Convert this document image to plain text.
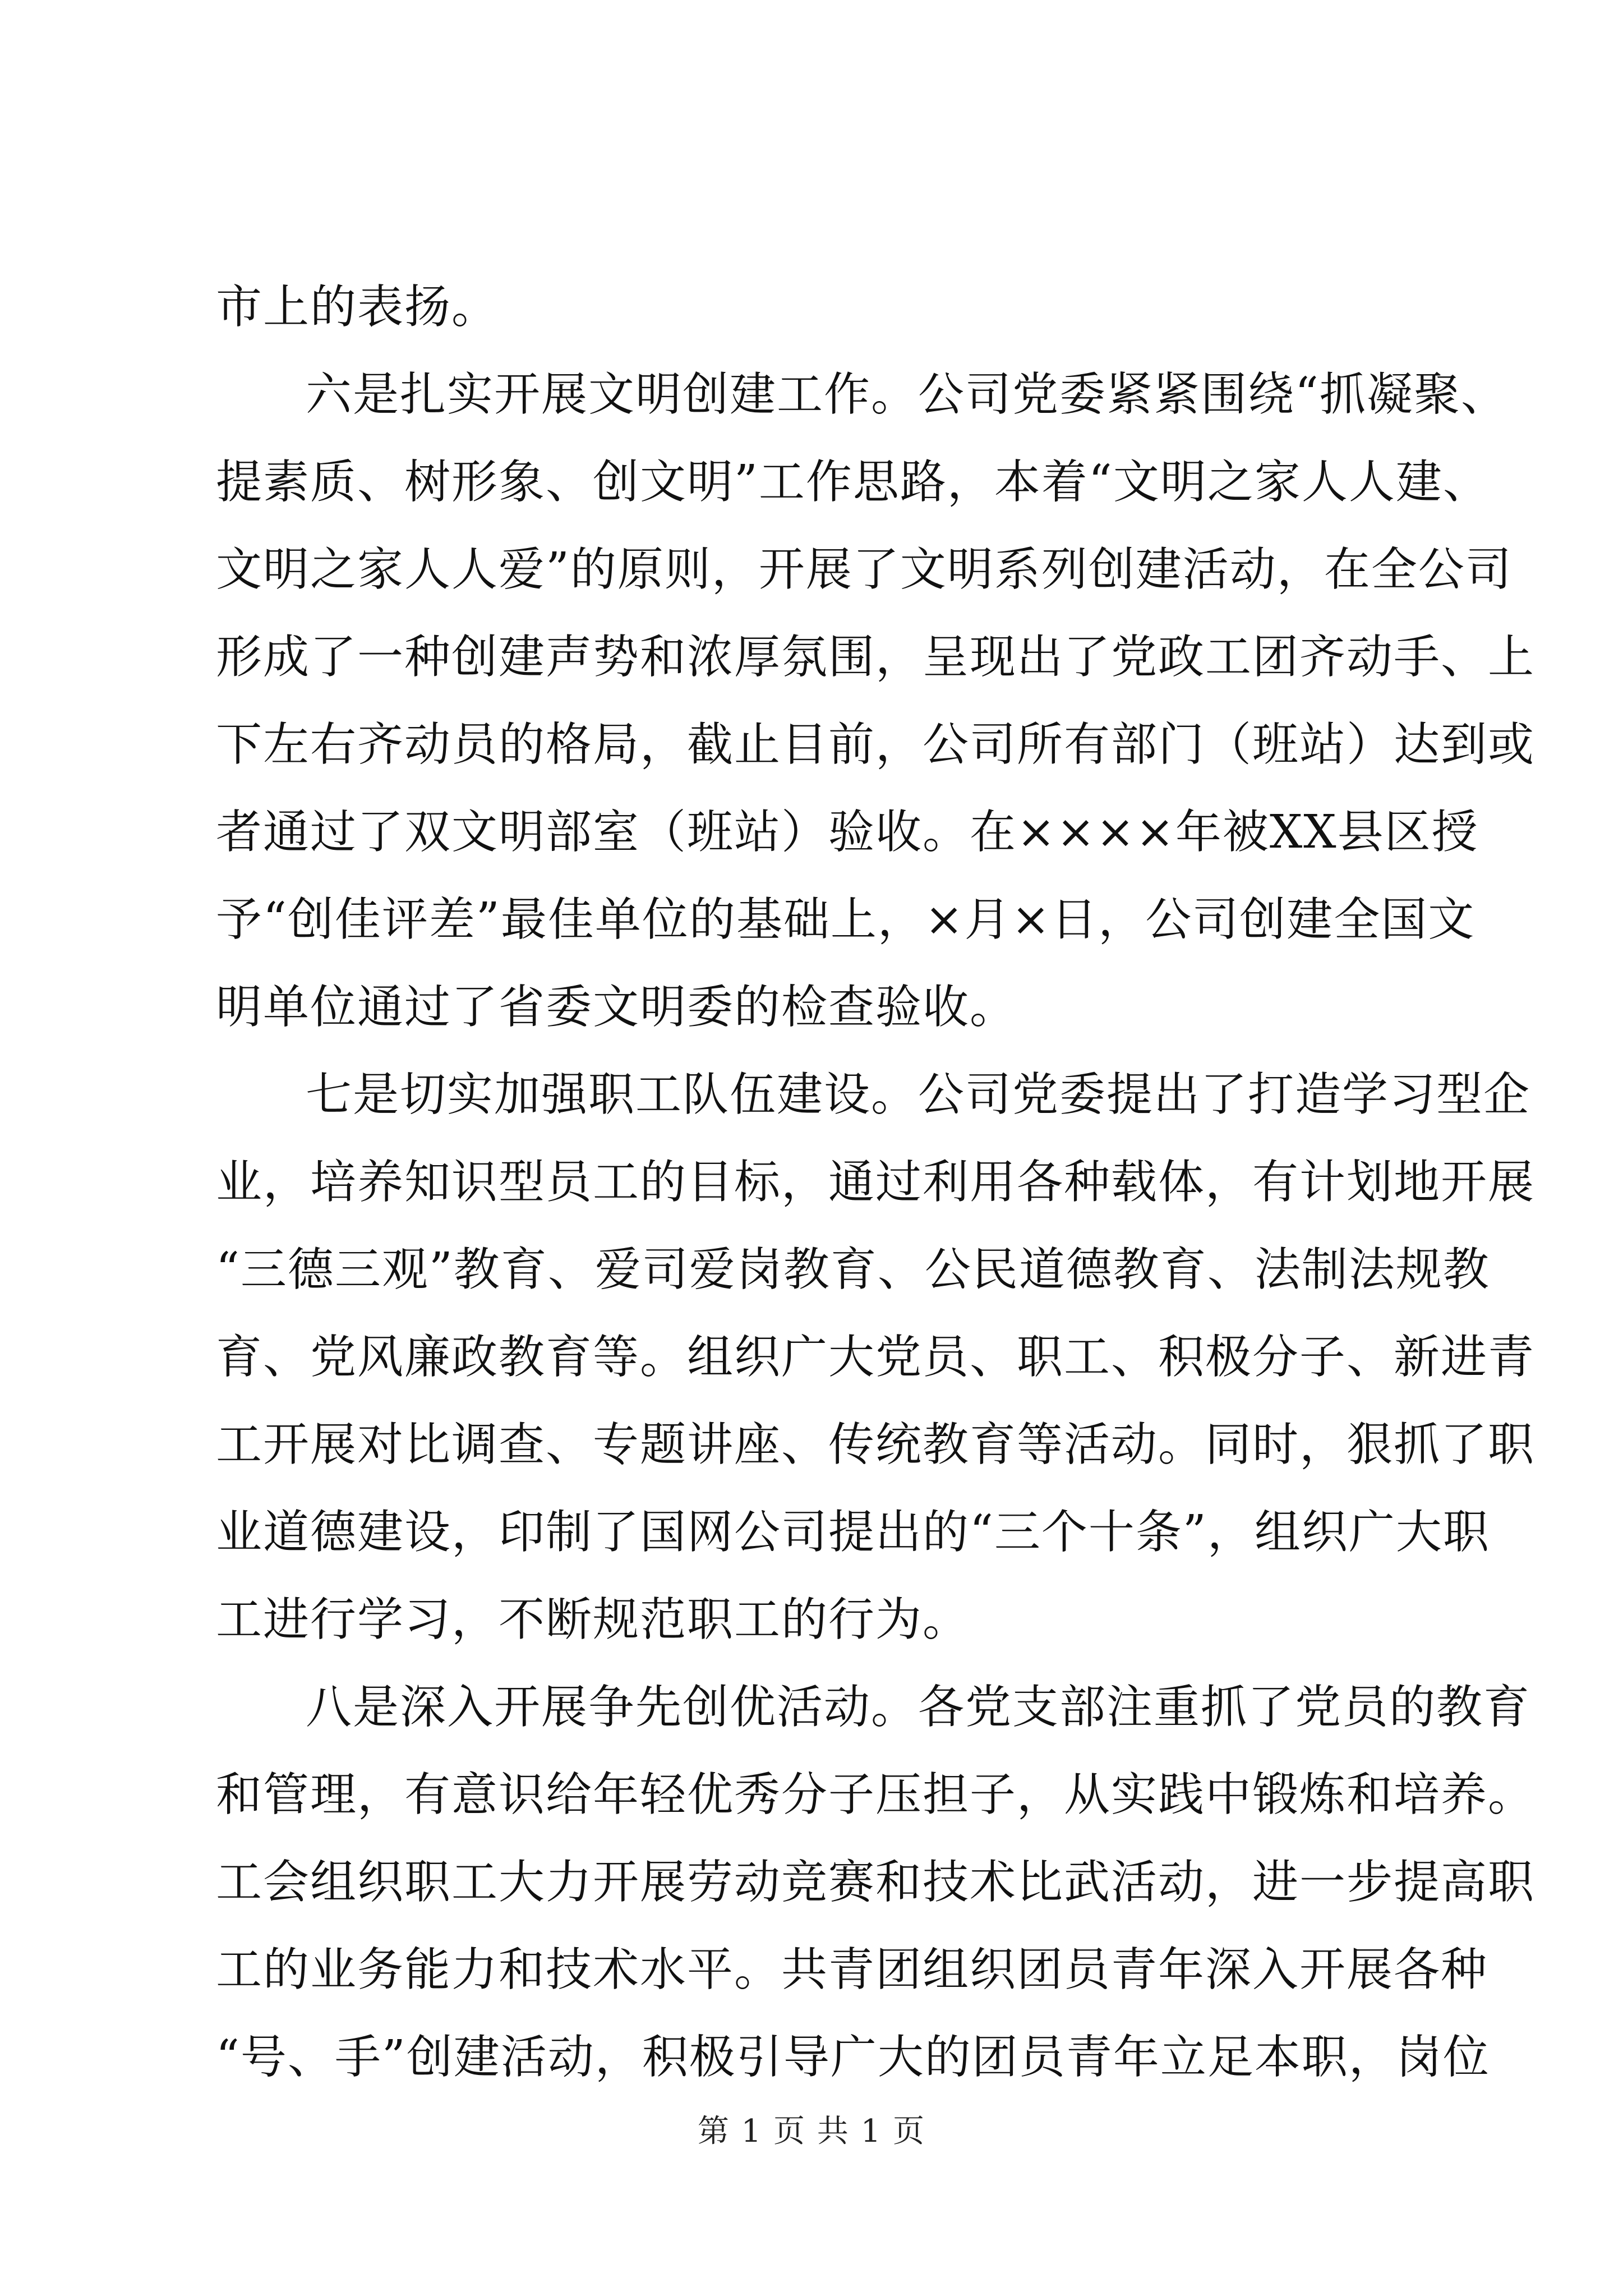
市上的表扬。
六是扎实开展文明创建工作。公司党委紧紧围绕“抓凝聚、
提素质、树形象、创文明”工作思路，本着“文明之家人人建、
文明之家人人爱”的原则，开展了文明系列创建活动，在全公司
形成了一种创建声势和浓厚氛围，呈现出了党政工团齐动手、上
下左右齐动员的格局，截止目前，公司所有部门（班站）达到或
者通过了双文明部室（班站）验收。在××××年被XX县区授
予“创佳评差”最佳单位的基础上，×月×日，公司创建全国文
明单位通过了省委文明委的检查验收。
七是切实加强职工队伍建设。公司党委提出了打造学习型企
业，培养知识型员工的目标，通过利用各种载体，有计划地开展
“三德三观”教育、爱司爱岗教育、公民道德教育、法制法规教
育、党风廉政教育等。组织广大党员、职工、积极分子、新进青
工开展对比调查、专题讲座、传统教育等活动。同时，狠抓了职
业道德建设，印制了国网公司提出的“三个十条”，组织广大职
工进行学习，不断规范职工的行为。
八是深入开展争先创优活动。各党支部注重抓了党员的教育
和管理，有意识给年轻优秀分子压担子，从实践中锻炼和培养。
工会组织职工大力开展劳动竞赛和技术比武活动，进一步提高职
工的业务能力和技术水平。共青团组织团员青年深入开展各种
“号、手”创建活动，积极引导广大的团员青年立足本职，岗位
第 1 页 共 1 页
